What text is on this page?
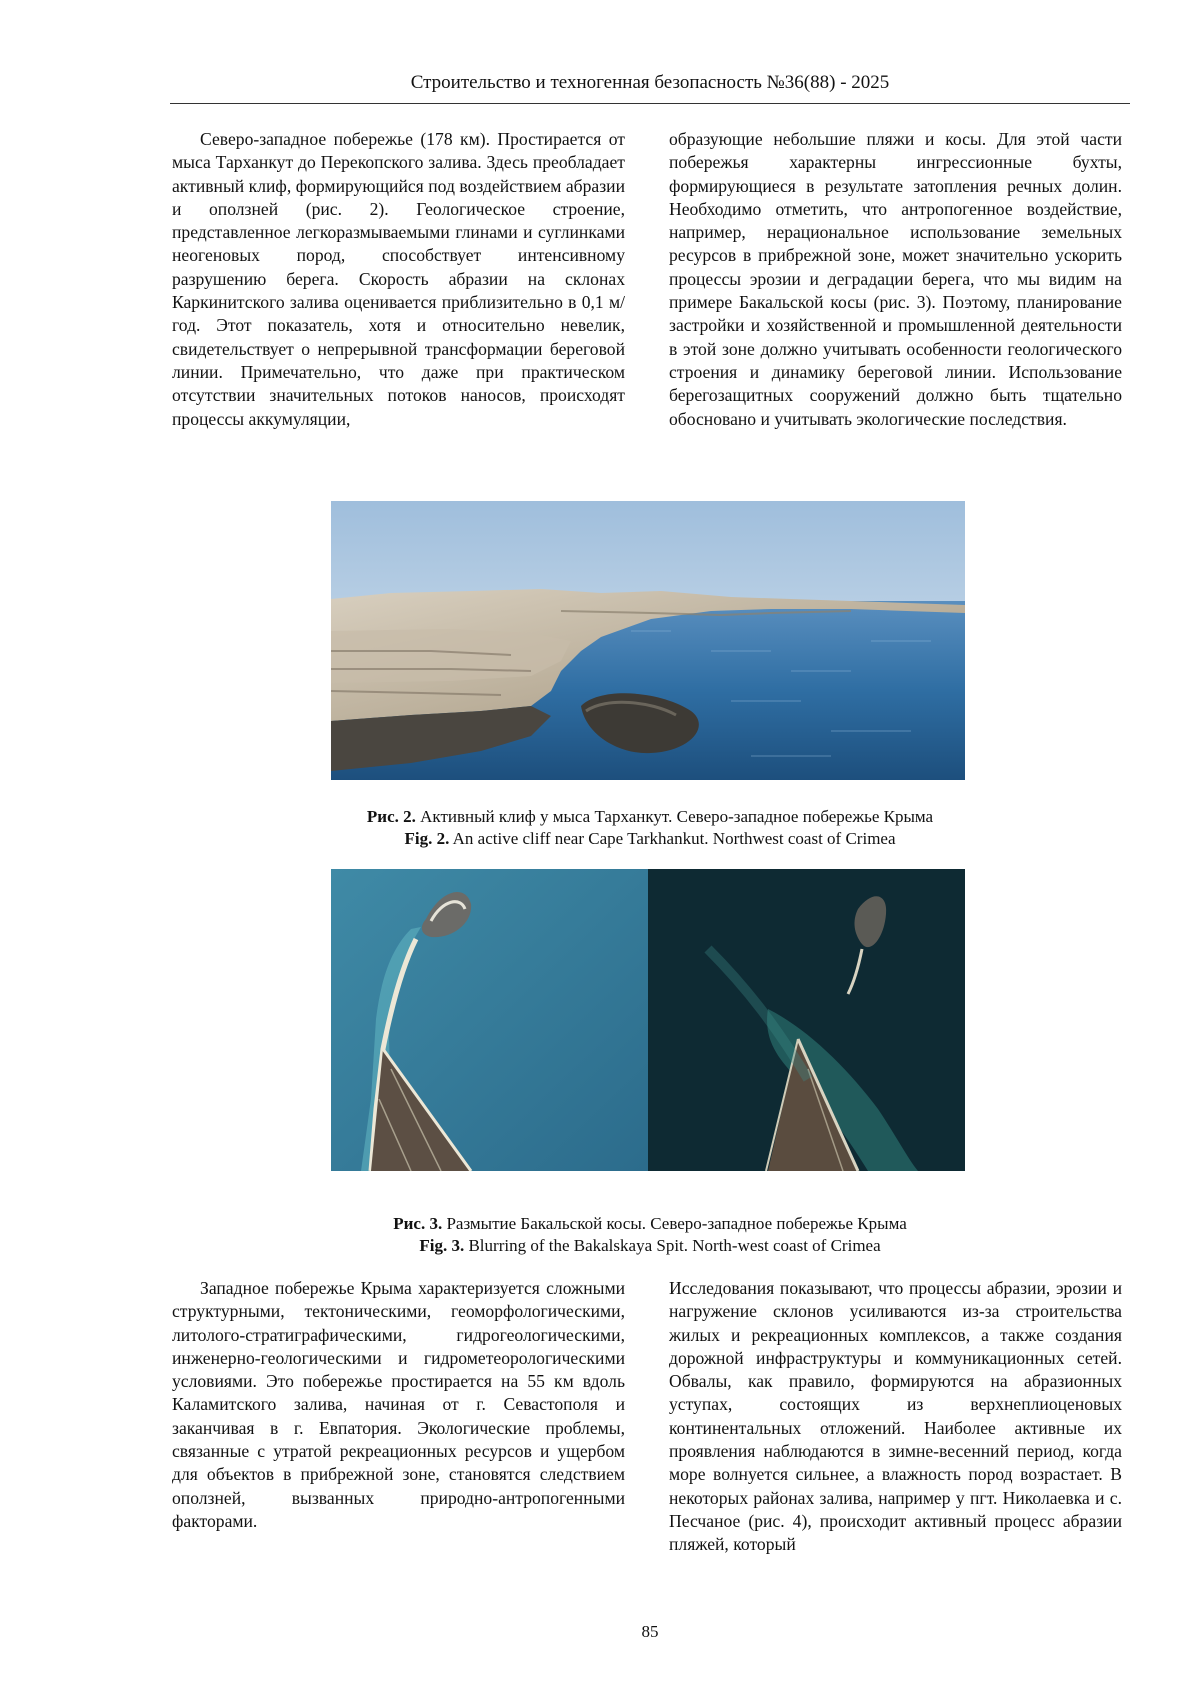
Строительство и техногенная безопасность №36(88) - 2025

Северо-западное побережье (178 км). Простирается от мыса Тарханкут до Перекопского залива. Здесь преобладает активный клиф, формирующийся под воздействием абразии и оползней (рис. 2). Геологическое строение, представленное легкоразмываемыми глинами и суглинками неогеновых пород, способствует интенсивному разрушению берега. Скорость абразии на склонах Каркинитского залива оценивается приблизительно в 0,1 м/год. Этот показатель, хотя и относительно невелик, свидетельствует о непрерывной трансформации береговой линии. Примечательно, что даже при практическом отсутствии значительных потоков наносов, происходят процессы аккумуляции,

образующие небольшие пляжи и косы. Для этой части побережья характерны ингрессионные бухты, формирующиеся в результате затопления речных долин. Необходимо отметить, что антропогенное воздействие, например, нерациональное использование земельных ресурсов в прибрежной зоне, может значительно ускорить процессы эрозии и деградации берега, что мы видим на примере Бакальской косы (рис. 3). Поэтому, планирование застройки и хозяйственной и промышленной деятельности в этой зоне должно учитывать особенности геологического строения и динамику береговой линии. Использование берегозащитных сооружений должно быть тщательно обосновано и учитывать экологические последствия.

Рис. 2. Активный клиф у мыса Тарханкут. Северо-западное побережье Крыма
Fig. 2. An active cliff near Cape Tarkhankut. Northwest coast of Crimea
Рис. 3. Размытие Бакальской косы. Северо-западное побережье Крыма
Fig. 3. Blurring of the Bakalskaya Spit. North-west coast of Crimea

Западное побережье Крыма характеризуется сложными структурными, тектоническими, геоморфологическими, литолого-стратиграфическими, гидрогеологическими, инженерно-геологическими и гидрометеорологическими условиями. Это побережье простирается на 55 км вдоль Каламитского залива, начиная от г. Севастополя и заканчивая в г. Евпатория. Экологические проблемы, связанные с утратой рекреационных ресурсов и ущербом для объектов в прибрежной зоне, становятся следствием оползней, вызванных природно-антропогенными факторами.

Исследования показывают, что процессы абразии, эрозии и нагружение склонов усиливаются из-за строительства жилых и рекреационных комплексов, а также создания дорожной инфраструктуры и коммуникационных сетей. Обвалы, как правило, формируются на абразионных уступах, состоящих из верхнеплиоценовых континентальных отложений. Наиболее активные их проявления наблюдаются в зимне-весенний период, когда море волнуется сильнее, а влажность пород возрастает. В некоторых районах залива, например у пгт. Николаевка и с. Песчаное (рис. 4), происходит активный процесс абразии пляжей, который

85
